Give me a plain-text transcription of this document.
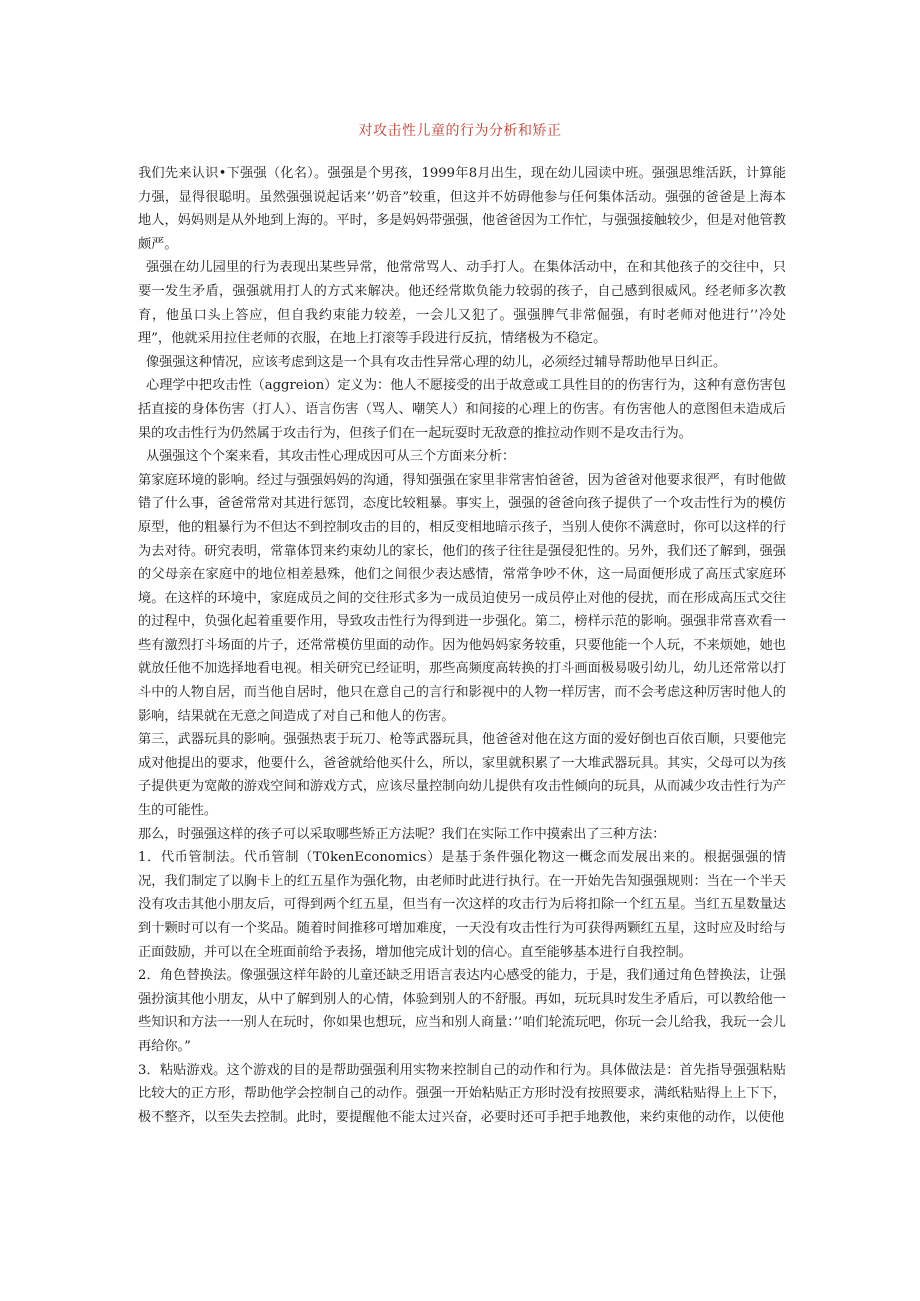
对攻击性儿童的行为分析和矫正

我们先来认识•下强强（化名）。强强是个男孩，1999年8月出生，现在幼儿园读中班。强强思维活跃，计算能力强，显得很聪明。虽然强强说起话来’’奶音”较重，但这并不妨碍他参与任何集体活动。强强的爸爸是上海本地人，妈妈则是从外地到上海的。平时，多是妈妈带强强，他爸爸因为工作忙，与强强接触较少，但是对他管教颇严。

强强在幼儿园里的行为表现出某些异常，他常常骂人、动手打人。在集体活动中，在和其他孩子的交往中，只要一发生矛盾，强强就用打人的方式来解决。他还经常欺负能力较弱的孩子，自己感到很威风。经老师多次教育，他虽口头上答应，但自我约束能力较差，一会儿又犯了。强强脾气非常倔强，有时老师对他进行’’冷处理”，他就采用拉住老师的衣服，在地上打滚等手段进行反抗，情绪极为不稳定。

像强强这种情况，应该考虑到这是一个具有攻击性异常心理的幼儿，必须经过辅导帮助他早日纠正。

心理学中把攻击性（aggreion）定义为：他人不愿接受的出于故意或工具性目的的伤害行为，这种有意伤害包括直接的身体伤害（打人）、语言伤害（骂人、嘲笑人）和间接的心理上的伤害。有伤害他人的意图但未造成后果的攻击性行为仍然属于攻击行为，但孩子们在一起玩耍时无敌意的推拉动作则不是攻击行为。

从强强这个个案来看，其攻击性心理成因可从三个方面来分析：

第家庭环境的影响。经过与强强妈妈的沟通，得知强强在家里非常害怕爸爸，因为爸爸对他要求很严，有时他做错了什么事，爸爸常常对其进行惩罚，态度比较粗暴。事实上，强强的爸爸向孩子提供了一个攻击性行为的模仿原型，他的粗暴行为不但达不到控制攻击的目的，相反变相地暗示孩子，当别人使你不满意时，你可以这样的行为去对待。研究表明，常靠体罚来约束幼儿的家长，他们的孩子往往是强侵犯性的。另外，我们还了解到，强强的父母亲在家庭中的地位相差悬殊，他们之间很少表达感情，常常争吵不休，这一局面便形成了高压式家庭环境。在这样的环境中，家庭成员之间的交往形式多为一成员迫使另一成员停止对他的侵扰，而在形成高压式交往的过程中，负强化起着重要作用，导致攻击性行为得到进一步强化。第二，榜样示范的影响。强强非常喜欢看一些有激烈打斗场面的片子，还常常模仿里面的动作。因为他妈妈家务较重，只要他能一个人玩，不来烦她，她也就放任他不加选择地看电视。相关研究已经证明，那些高频度高转换的打斗画面极易吸引幼儿，幼儿还常常以打斗中的人物自居，而当他自居时，他只在意自己的言行和影视中的人物一样厉害，而不会考虑这种厉害时他人的影响，结果就在无意之间造成了对自己和他人的伤害。

第三，武器玩具的影响。强强热衷于玩刀、枪等武器玩具，他爸爸对他在这方面的爱好倒也百依百顺，只要他完成对他提出的要求，他要什么，爸爸就给他买什么，所以，家里就积累了一大堆武器玩具。其实，父母可以为孩子提供更为宽敞的游戏空间和游戏方式，应该尽量控制向幼儿提供有攻击性倾向的玩具，从而减少攻击性行为产生的可能性。

那么，时强强这样的孩子可以采取哪些矫正方法呢？我们在实际工作中摸索出了三种方法：

1．代币管制法。代币管制（T0kenEconomics）是基于条件强化物这一概念而发展出来的。根据强强的情况，我们制定了以胸卡上的红五星作为强化物，由老师时此进行执行。在一开始先告知强强规则：当在一个半天没有攻击其他小朋友后，可得到两个红五星，但当有一次这样的攻击行为后将扣除一个红五星。当红五星数量达到十颗时可以有一个奖品。随着时间推移可增加难度，一天没有攻击性行为可获得两颗红五星，这时应及时给与正面鼓励，并可以在全班面前给予表扬，增加他完成计划的信心。直至能够基本进行自我控制。

2．角色替换法。像强强这样年龄的儿童还缺乏用语言表达内心感受的能力，于是，我们通过角色替换法，让强强扮演其他小朋友，从中了解到别人的心情，体验到别人的不舒服。再如，玩玩具时发生矛盾后，可以教给他一些知识和方法一一别人在玩时，你如果也想玩，应当和别人商量：’’咱们轮流玩吧，你玩一会儿给我，我玩一会儿再给你。”

3．粘贴游戏。这个游戏的目的是帮助强强利用实物来控制自己的动作和行为。具体做法是：首先指导强强粘贴比较大的正方形，帮助他学会控制自己的动作。强强一开始粘贴正方形时没有按照要求，满纸粘贴得上上下下，极不整齐，以至失去控制。此时，要提醒他不能太过兴奋，必要时还可手把手地教他，来约束他的动作，以使他
